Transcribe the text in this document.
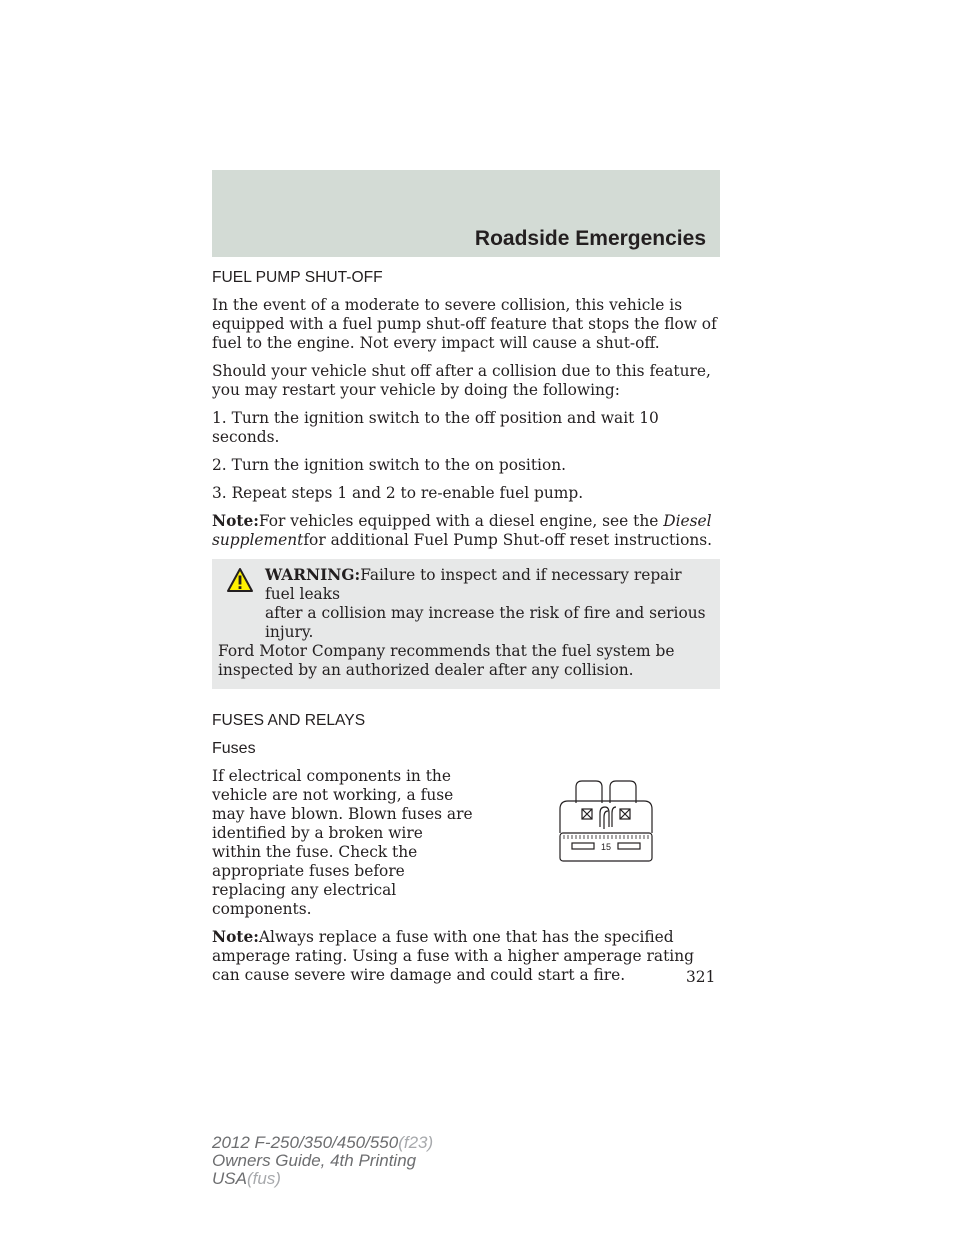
Roadside Emergencies
FUEL PUMP SHUT-OFF

In the event of a moderate to severe collision, this vehicle is equipped with a fuel pump shut-off feature that stops the flow of fuel to the engine. Not every impact will cause a shut-off.

Should your vehicle shut off after a collision due to this feature, you may restart your vehicle by doing the following:

1. Turn the ignition switch to the off position and wait 10 seconds.

2. Turn the ignition switch to the on position.

3. Repeat steps 1 and 2 to re-enable fuel pump.

Note:For vehicles equipped with a diesel engine, see the Diesel supplementfor additional Fuel Pump Shut-off reset instructions.

WARNING:Failure to inspect and if necessary repair fuel leaks

after a collision may increase the risk of fire and serious injury.

Ford Motor Company recommends that the fuel system be inspected by an authorized dealer after any collision.

FUSES AND RELAYS
Fuses

If electrical components in the vehicle are not working, a fuse may have blown. Blown fuses are identified by a broken wire within the fuse. Check the appropriate fuses before replacing any electrical components.

15

Note:Always replace a fuse with one that has the specified amperage rating. Using a fuse with a higher amperage rating can cause severe wire damage and could start a fire.	321
2012 F-250/350/450/550(f23)
Owners Guide, 4th Printing
USA(fus)
